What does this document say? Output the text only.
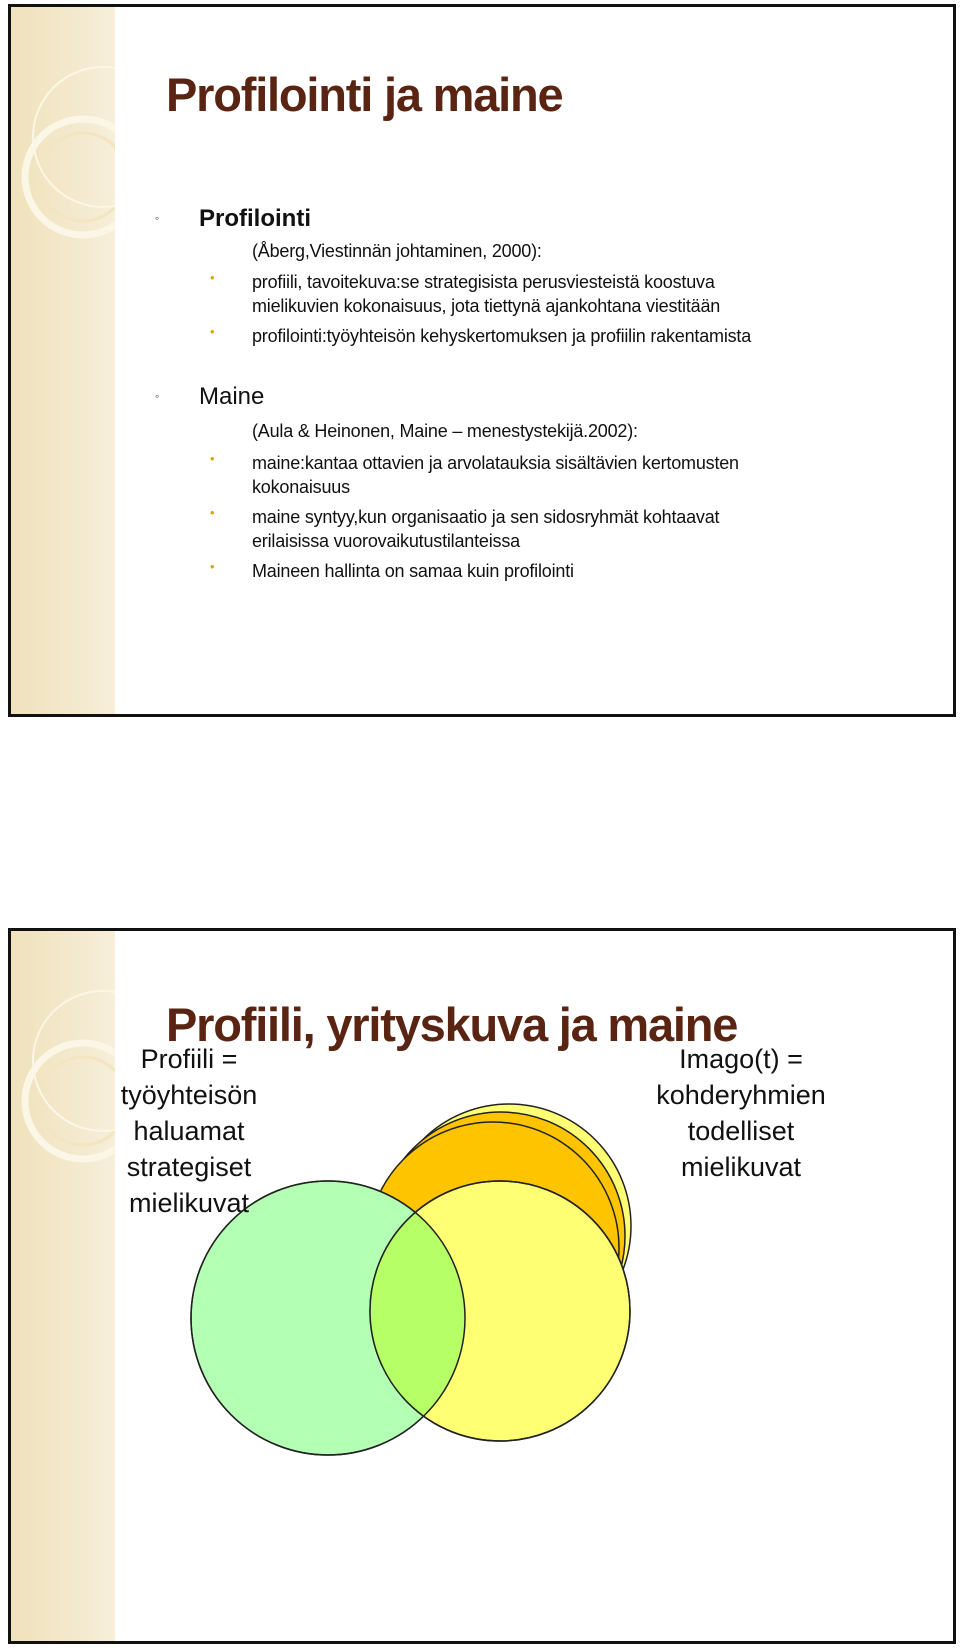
Profilointi ja maine
◦ Profilointi
(Åberg,Viestinnän johtaminen, 2000):
• profiili, tavoitekuva:se strategisista perusviesteistä koostuva
mielikuvien kokonaisuus, jota tiettynä ajankohtana viestitään
• profilointi:työyhteisön kehyskertomuksen ja profiilin rakentamista
◦ Maine
(Aula & Heinonen, Maine – menestystekijä.2002):
• maine:kantaa ottavien ja arvolatauksia sisältävien kertomusten
kokonaisuus
• maine syntyy,kun organisaatio ja sen sidosryhmät kohtaavat
erilaisissa vuorovaikutustilanteissa
• Maineen hallinta on samaa kuin profilointi
Profiili, yrityskuva ja maine
Profiili =
työyhteisön
haluamat
strategiset
mielikuvat
Imago(t) =
kohderyhmien
todelliset
mielikuvat
